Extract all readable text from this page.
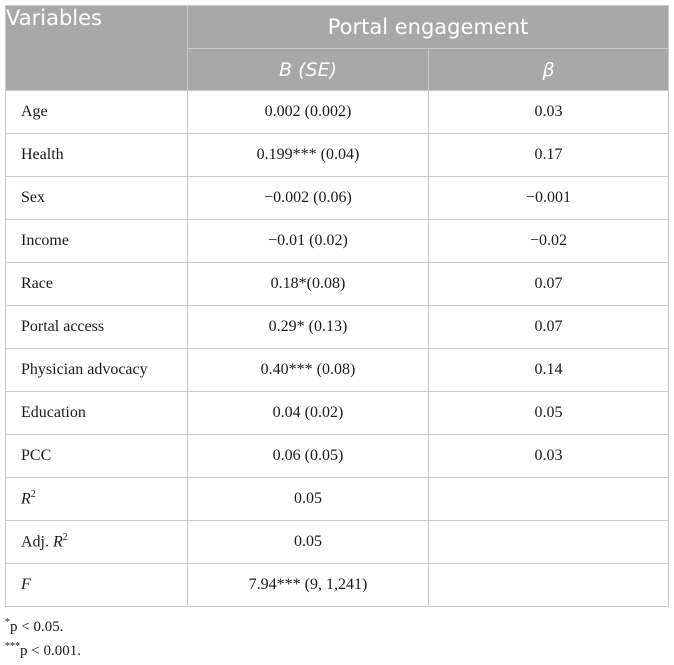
Variables	Portal engagement	
	B (SE)	β
Age	0.002 (0.002)	0.03
Health	0.199*** (0.04)	0.17
Sex	−0.002 (0.06)	−0.001
Income	−0.01 (0.02)	−0.02
Race	0.18*(0.08)	0.07
Portal access	0.29* (0.13)	0.07
Physician advocacy	0.40*** (0.08)	0.14
Education	0.04 (0.02)	0.05
PCC	0.06 (0.05)	0.03
$R^2$	0.05	
Adj. $R^2$	0.05	
F	7.94*** (9, 1,241)	
*p < 0.05.
***p < 0.001.
